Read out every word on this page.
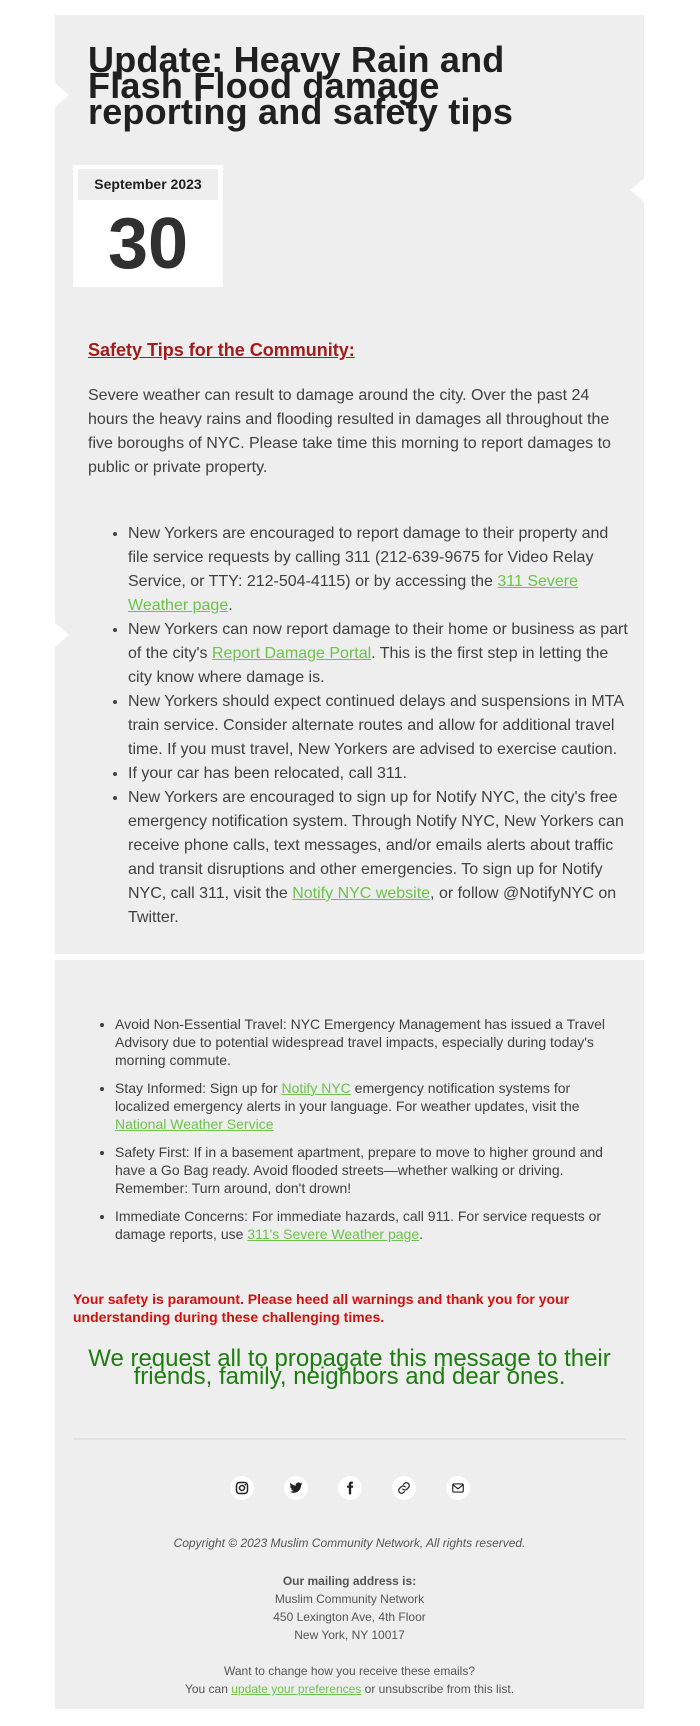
Update: Heavy Rain and Flash Flood damage reporting and safety tips
September 2023
30
Safety Tips for the Community:

Severe weather can result to damage around the city. Over the past 24 hours the heavy rains and flooding resulted in damages all throughout the five boroughs of NYC. Please take time this morning to report damages to public or private property.

• New Yorkers are encouraged to report damage to their property and file service requests by calling 311 (212-639-9675 for Video Relay Service, or TTY: 212-504-4115) or by accessing the 311 Severe Weather page.
• New Yorkers can now report damage to their home or business as part of the city's Report Damage Portal. This is the first step in letting the city know where damage is.
• New Yorkers should expect continued delays and suspensions in MTA train service. Consider alternate routes and allow for additional travel time. If you must travel, New Yorkers are advised to exercise caution.
• If your car has been relocated, call 311.
• New Yorkers are encouraged to sign up for Notify NYC, the city's free emergency notification system. Through Notify NYC, New Yorkers can receive phone calls, text messages, and/or emails alerts about traffic and transit disruptions and other emergencies. To sign up for Notify NYC, call 311, visit the Notify NYC website, or follow @NotifyNYC on Twitter.
• Avoid Non-Essential Travel: NYC Emergency Management has issued a Travel Advisory due to potential widespread travel impacts, especially during today's morning commute.
• Stay Informed: Sign up for Notify NYC emergency notification systems for localized emergency alerts in your language. For weather updates, visit the National Weather Service
• Safety First: If in a basement apartment, prepare to move to higher ground and have a Go Bag ready. Avoid flooded streets—whether walking or driving. Remember: Turn around, don't drown!
• Immediate Concerns: For immediate hazards, call 911. For service requests or damage reports, use 311's Severe Weather page.

Your safety is paramount. Please heed all warnings and thank you for your understanding during these challenging times.

We request all to propagate this message to their friends, family, neighbors and dear ones.

Copyright © 2023 Muslim Community Network, All rights reserved.

Our mailing address is:
Muslim Community Network
450 Lexington Ave, 4th Floor
New York, NY 10017
Want to change how you receive these emails?
You can update your preferences or unsubscribe from this list.
